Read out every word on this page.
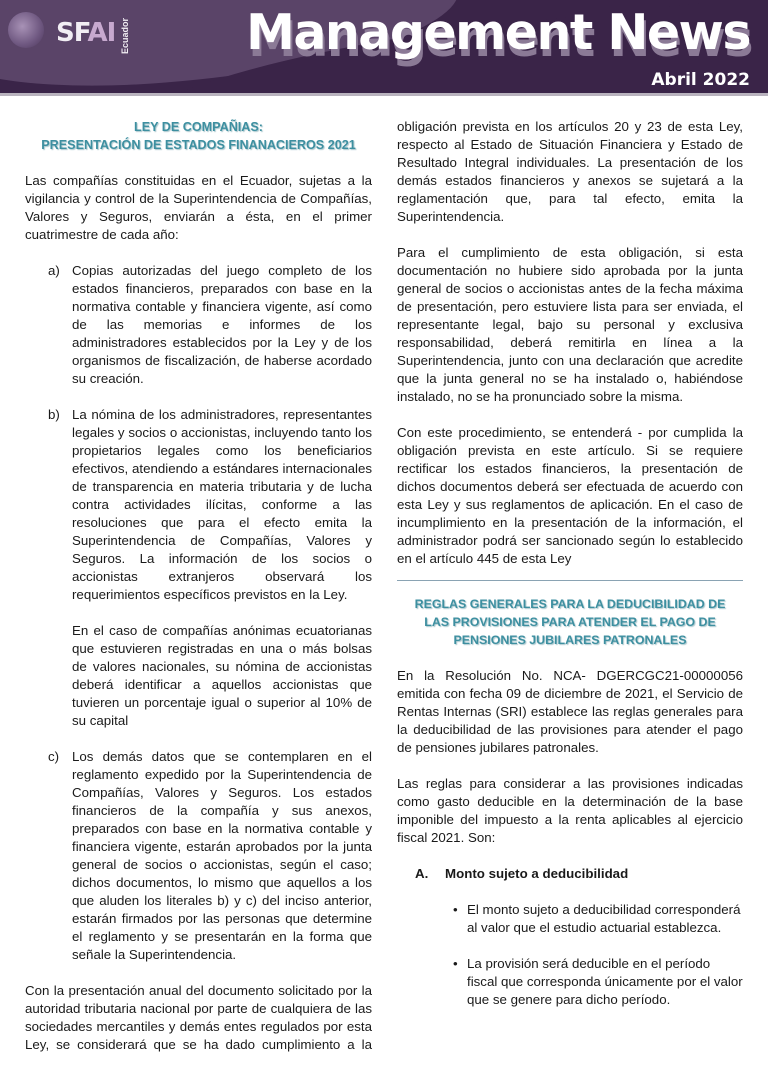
SFAI Ecuador Management News
Abril 2022
LEY DE COMPAÑIAS:
PRESENTACIÓN DE ESTADOS FINANACIEROS 2021

Las compañías constituidas en el Ecuador, sujetas a la vigilancia y control de la Superintendencia de Compañías, Valores y Seguros, enviarán a ésta, en el primer cuatrimestre de cada año:

a) Copias autorizadas del juego completo de los estados financieros, preparados con base en la normativa contable y financiera vigente, así como de las memorias e informes de los administradores establecidos por la Ley y de los organismos de fiscalización, de haberse acordado su creación.
b) La nómina de los administradores, representantes legales y socios o accionistas, incluyendo tanto los propietarios legales como los beneficiarios efectivos, atendiendo a estándares internacionales de transparencia en materia tributaria y de lucha contra actividades ilícitas, conforme a las resoluciones que para el efecto emita la Superintendencia de Compañías, Valores y Seguros. La información de los socios o accionistas extranjeros observará los requerimientos específicos previstos en la Ley.

En el caso de compañías anónimas ecuatorianas que estuvieren registradas en una o más bolsas de valores nacionales, su nómina de accionistas deberá identificar a aquellos accionistas que tuvieren un porcentaje igual o superior al 10% de su capital

c) Los demás datos que se contemplaren en el reglamento expedido por la Superintendencia de Compañías, Valores y Seguros. Los estados financieros de la compañía y sus anexos, preparados con base en la normativa contable y financiera vigente, estarán aprobados por la junta general de socios o accionistas, según el caso; dichos documentos, lo mismo que aquellos a los que aluden los literales b) y c) del inciso anterior, estarán firmados por las personas que determine el reglamento y se presentarán en la forma que señale la Superintendencia.

Con la presentación anual del documento solicitado por la autoridad tributaria nacional por parte de cualquiera de las sociedades mercantiles y demás entes regulados por esta Ley, se considerará que se ha dado cumplimiento a la

obligación prevista en los artículos 20 y 23 de esta Ley, respecto al Estado de Situación Financiera y Estado de Resultado Integral individuales. La presentación de los demás estados financieros y anexos se sujetará a la reglamentación que, para tal efecto, emita la Superintendencia.

Para el cumplimiento de esta obligación, si esta documentación no hubiere sido aprobada por la junta general de socios o accionistas antes de la fecha máxima de presentación, pero estuviere lista para ser enviada, el representante legal, bajo su personal y exclusiva responsabilidad, deberá remitirla en línea a la Superintendencia, junto con una declaración que acredite que la junta general no se ha instalado o, habiéndose instalado, no se ha pronunciado sobre la misma.

Con este procedimiento, se entenderá - por cumplida la obligación prevista en este artículo. Si se requiere rectificar los estados financieros, la presentación de dichos documentos deberá ser efectuada de acuerdo con esta Ley y sus reglamentos de aplicación. En el caso de incumplimiento en la presentación de la información, el administrador podrá ser sancionado según lo establecido en el artículo 445 de esta Ley

REGLAS GENERALES PARA LA DEDUCIBILIDAD DE
LAS PROVISIONES PARA ATENDER EL PAGO DE
PENSIONES JUBILARES PATRONALES

En la Resolución No. NCA- DGERCGC21-00000056 emitida con fecha 09 de diciembre de 2021, el Servicio de Rentas Internas (SRI) establece las reglas generales para la deducibilidad de las provisiones para atender el pago de pensiones jubilares patronales.

Las reglas para considerar a las provisiones indicadas como gasto deducible en la determinación de la base imponible del impuesto a la renta aplicables al ejercicio fiscal 2021. Son:

A.	Monto sujeto a deducibilidad
• El monto sujeto a deducibilidad corresponderá al valor que el estudio actuarial establezca.
• La provisión será deducible en el período fiscal que corresponda únicamente por el valor que se genere para dicho período.
